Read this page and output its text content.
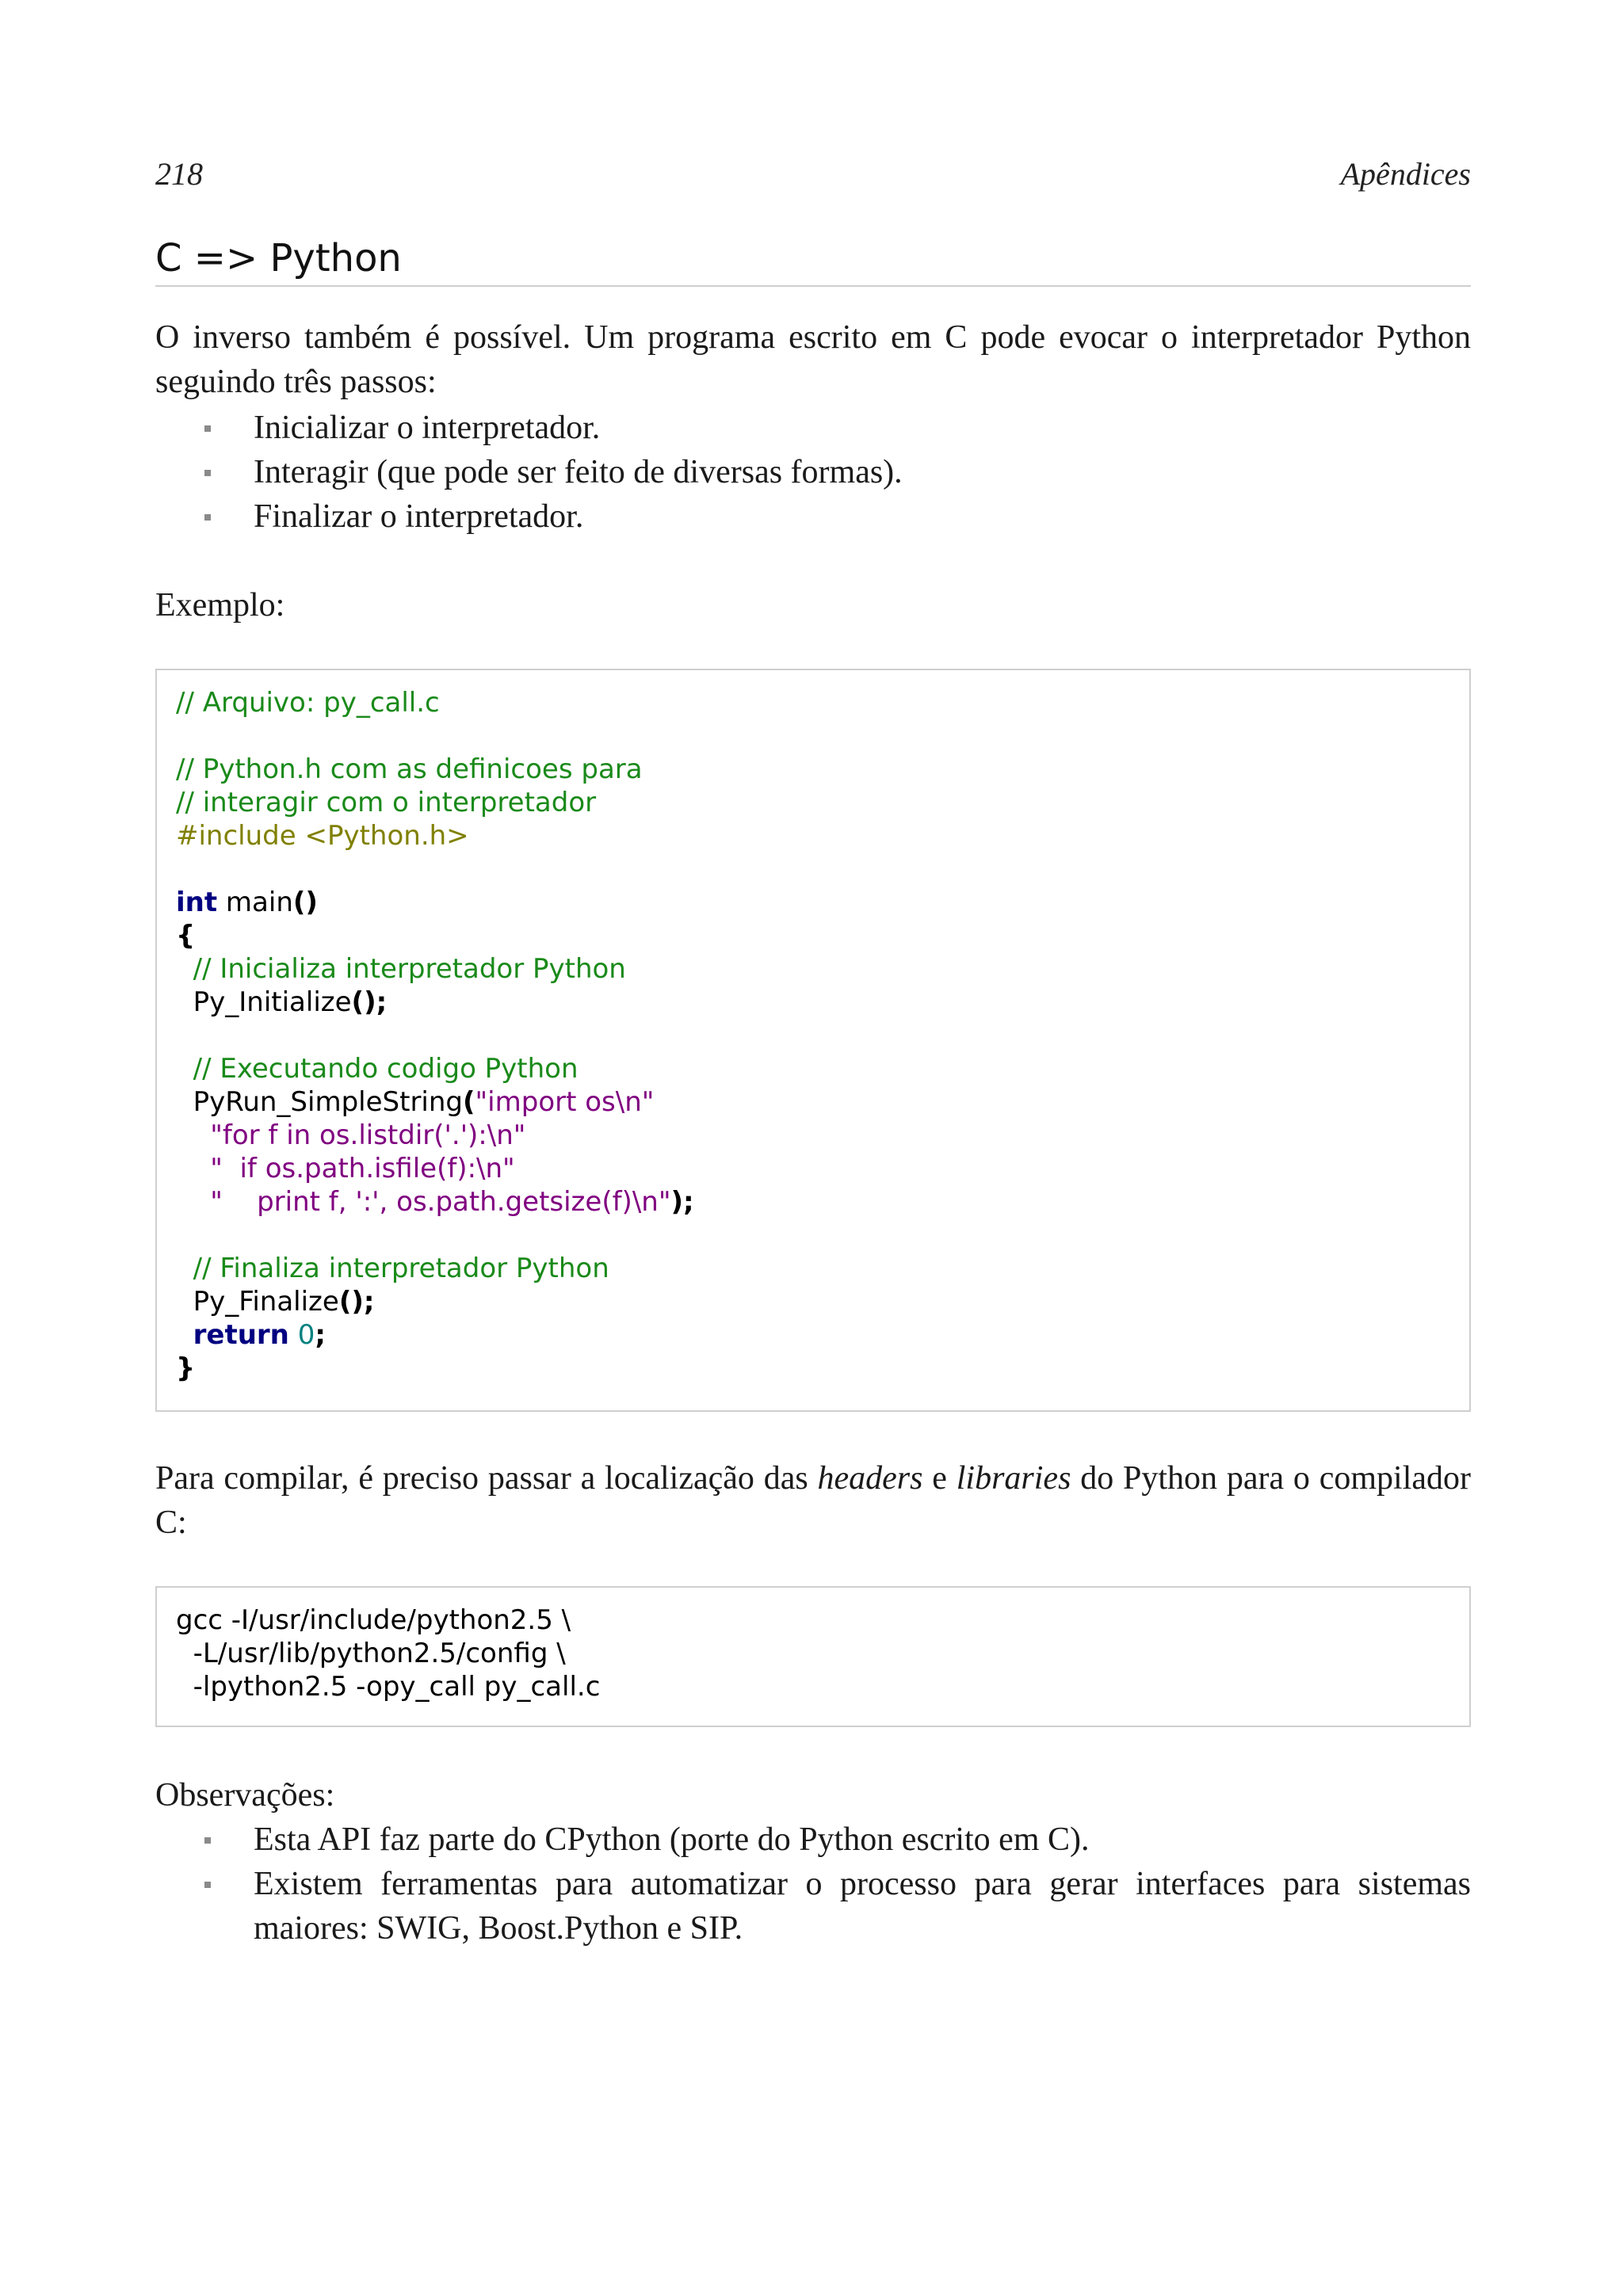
218	Apêndices
C => Python

O inverso também é possível. Um programa escrito em C pode evocar o interpretador Python seguindo três passos:

Inicializar o interpretador.
Interagir (que pode ser feito de diversas formas).
Finalizar o interpretador.

Exemplo:

// Arquivo: py_call.c
// Python.h com as definicoes para
// interagir com o interpretador
#include <Python.h>
int main()
{
// Inicializa interpretador Python
Py_Initialize();
// Executando codigo Python
PyRun_SimpleString("import os\n"
"for f in os.listdir('.'):\n"
"  if os.path.isfile(f):\n"
"    print f, ':', os.path.getsize(f)\n");
// Finaliza interpretador Python
Py_Finalize();
return 0;
}

Para compilar, é preciso passar a localização das headers e libraries do Python para o compilador C:

gcc -I/usr/include/python2.5 \
-L/usr/lib/python2.5/config \
-lpython2.5 -opy_call py_call.c

Observações:

Esta API faz parte do CPython (porte do Python escrito em C).
Existem ferramentas para automatizar o processo para gerar interfaces para sistemas maiores: SWIG, Boost.Python e SIP.
